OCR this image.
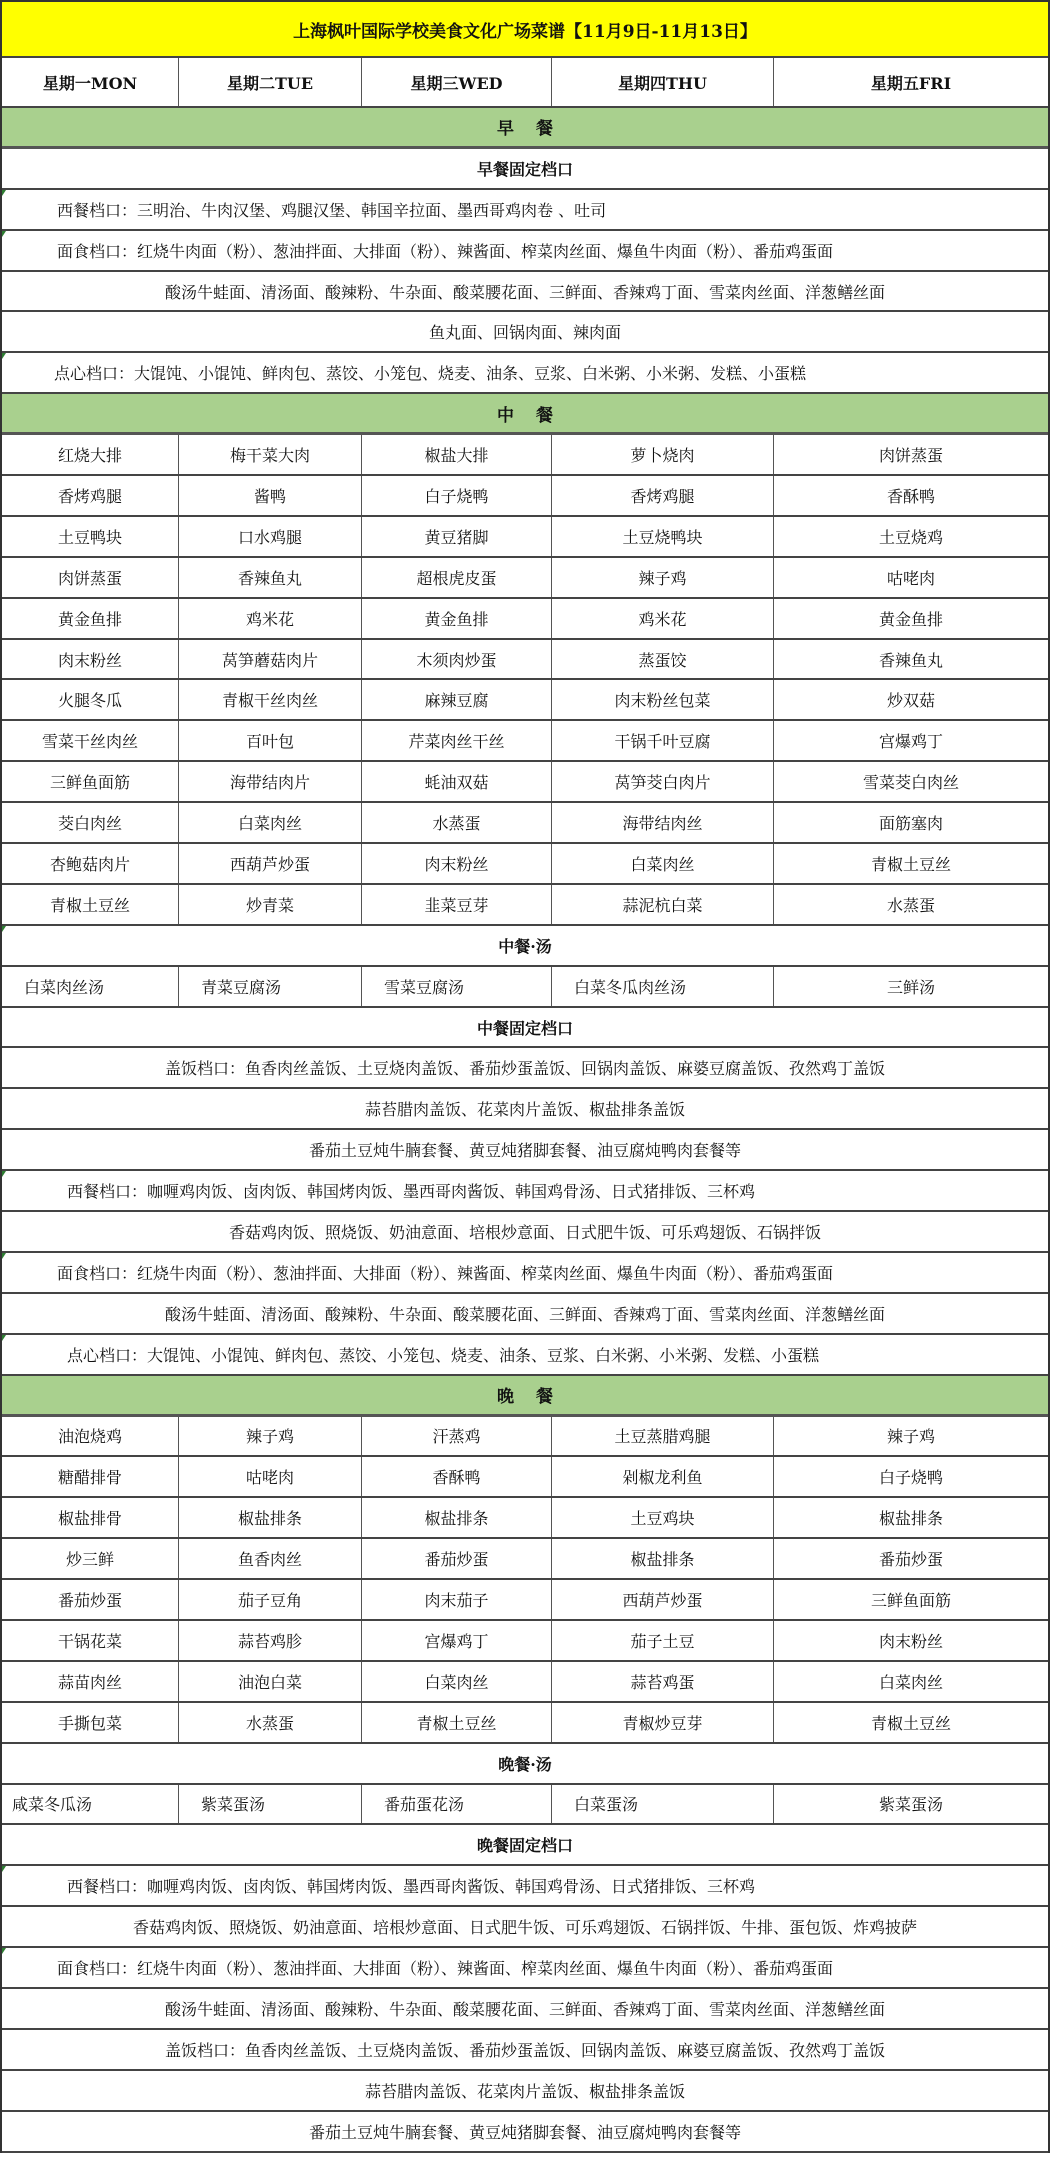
上海枫叶国际学校美食文化广场菜谱【11月9日-11月13日】
星期一MON	星期二TUE	星期三WED	星期四THU	星期五FRI
早餐
早餐固定档口
西餐档口：三明治、牛肉汉堡、鸡腿汉堡、韩国辛拉面、墨西哥鸡肉卷 、吐司
面食档口：红烧牛肉面（粉）、葱油拌面、大排面（粉）、辣酱面、榨菜肉丝面、爆鱼牛肉面（粉）、番茄鸡蛋面
酸汤牛蛙面、清汤面、酸辣粉、牛杂面、酸菜腰花面、三鲜面、香辣鸡丁面、雪菜肉丝面、洋葱鳝丝面
鱼丸面、回锅肉面、辣肉面
点心档口：大馄饨、小馄饨、鲜肉包、蒸饺、小笼包、烧麦、油条、豆浆、白米粥、小米粥、发糕、小蛋糕
中餐
红烧大排	梅干菜大肉	椒盐大排	萝卜烧肉	肉饼蒸蛋
香烤鸡腿	酱鸭	白子烧鸭	香烤鸡腿	香酥鸭
土豆鸭块	口水鸡腿	黄豆猪脚	土豆烧鸭块	土豆烧鸡
肉饼蒸蛋	香辣鱼丸	超根虎皮蛋	辣子鸡	咕咾肉
黄金鱼排	鸡米花	黄金鱼排	鸡米花	黄金鱼排
肉末粉丝	莴笋蘑菇肉片	木须肉炒蛋	蒸蛋饺	香辣鱼丸
火腿冬瓜	青椒干丝肉丝	麻辣豆腐	肉末粉丝包菜	炒双菇
雪菜干丝肉丝	百叶包	芹菜肉丝干丝	干锅千叶豆腐	宫爆鸡丁
三鲜鱼面筋	海带结肉片	蚝油双菇	莴笋茭白肉片	雪菜茭白肉丝
茭白肉丝	白菜肉丝	水蒸蛋	海带结肉丝	面筋塞肉
杏鲍菇肉片	西葫芦炒蛋	肉末粉丝	白菜肉丝	青椒土豆丝
青椒土豆丝	炒青菜	韭菜豆芽	蒜泥杭白菜	水蒸蛋
中餐·汤
白菜肉丝汤	青菜豆腐汤	雪菜豆腐汤	白菜冬瓜肉丝汤	三鲜汤
中餐固定档口
盖饭档口：鱼香肉丝盖饭、土豆烧肉盖饭、番茄炒蛋盖饭、回锅肉盖饭、麻婆豆腐盖饭、孜然鸡丁盖饭
蒜苔腊肉盖饭、花菜肉片盖饭、椒盐排条盖饭
番茄土豆炖牛腩套餐、黄豆炖猪脚套餐、油豆腐炖鸭肉套餐等
西餐档口：咖喱鸡肉饭、卤肉饭、韩国烤肉饭、墨西哥肉酱饭、韩国鸡骨汤、日式猪排饭、三杯鸡
香菇鸡肉饭、照烧饭、奶油意面、培根炒意面、日式肥牛饭、可乐鸡翅饭、石锅拌饭
面食档口：红烧牛肉面（粉）、葱油拌面、大排面（粉）、辣酱面、榨菜肉丝面、爆鱼牛肉面（粉）、番茄鸡蛋面
酸汤牛蛙面、清汤面、酸辣粉、牛杂面、酸菜腰花面、三鲜面、香辣鸡丁面、雪菜肉丝面、洋葱鳝丝面
点心档口：大馄饨、小馄饨、鲜肉包、蒸饺、小笼包、烧麦、油条、豆浆、白米粥、小米粥、发糕、小蛋糕
晚餐
油泡烧鸡	辣子鸡	汗蒸鸡	土豆蒸腊鸡腿	辣子鸡
糖醋排骨	咕咾肉	香酥鸭	剁椒龙利鱼	白子烧鸭
椒盐排骨	椒盐排条	椒盐排条	土豆鸡块	椒盐排条
炒三鲜	鱼香肉丝	番茄炒蛋	椒盐排条	番茄炒蛋
番茄炒蛋	茄子豆角	肉末茄子	西葫芦炒蛋	三鲜鱼面筋
干锅花菜	蒜苔鸡胗	宫爆鸡丁	茄子土豆	肉末粉丝
蒜苗肉丝	油泡白菜	白菜肉丝	蒜苔鸡蛋	白菜肉丝
手撕包菜	水蒸蛋	青椒土豆丝	青椒炒豆芽	青椒土豆丝
晚餐·汤
咸菜冬瓜汤	紫菜蛋汤	番茄蛋花汤	白菜蛋汤	紫菜蛋汤
晚餐固定档口
西餐档口：咖喱鸡肉饭、卤肉饭、韩国烤肉饭、墨西哥肉酱饭、韩国鸡骨汤、日式猪排饭、三杯鸡
香菇鸡肉饭、照烧饭、奶油意面、培根炒意面、日式肥牛饭、可乐鸡翅饭、石锅拌饭、牛排、蛋包饭、炸鸡披萨
面食档口：红烧牛肉面（粉）、葱油拌面、大排面（粉）、辣酱面、榨菜肉丝面、爆鱼牛肉面（粉）、番茄鸡蛋面
酸汤牛蛙面、清汤面、酸辣粉、牛杂面、酸菜腰花面、三鲜面、香辣鸡丁面、雪菜肉丝面、洋葱鳝丝面
盖饭档口：鱼香肉丝盖饭、土豆烧肉盖饭、番茄炒蛋盖饭、回锅肉盖饭、麻婆豆腐盖饭、孜然鸡丁盖饭
蒜苔腊肉盖饭、花菜肉片盖饭、椒盐排条盖饭
番茄土豆炖牛腩套餐、黄豆炖猪脚套餐、油豆腐炖鸭肉套餐等
